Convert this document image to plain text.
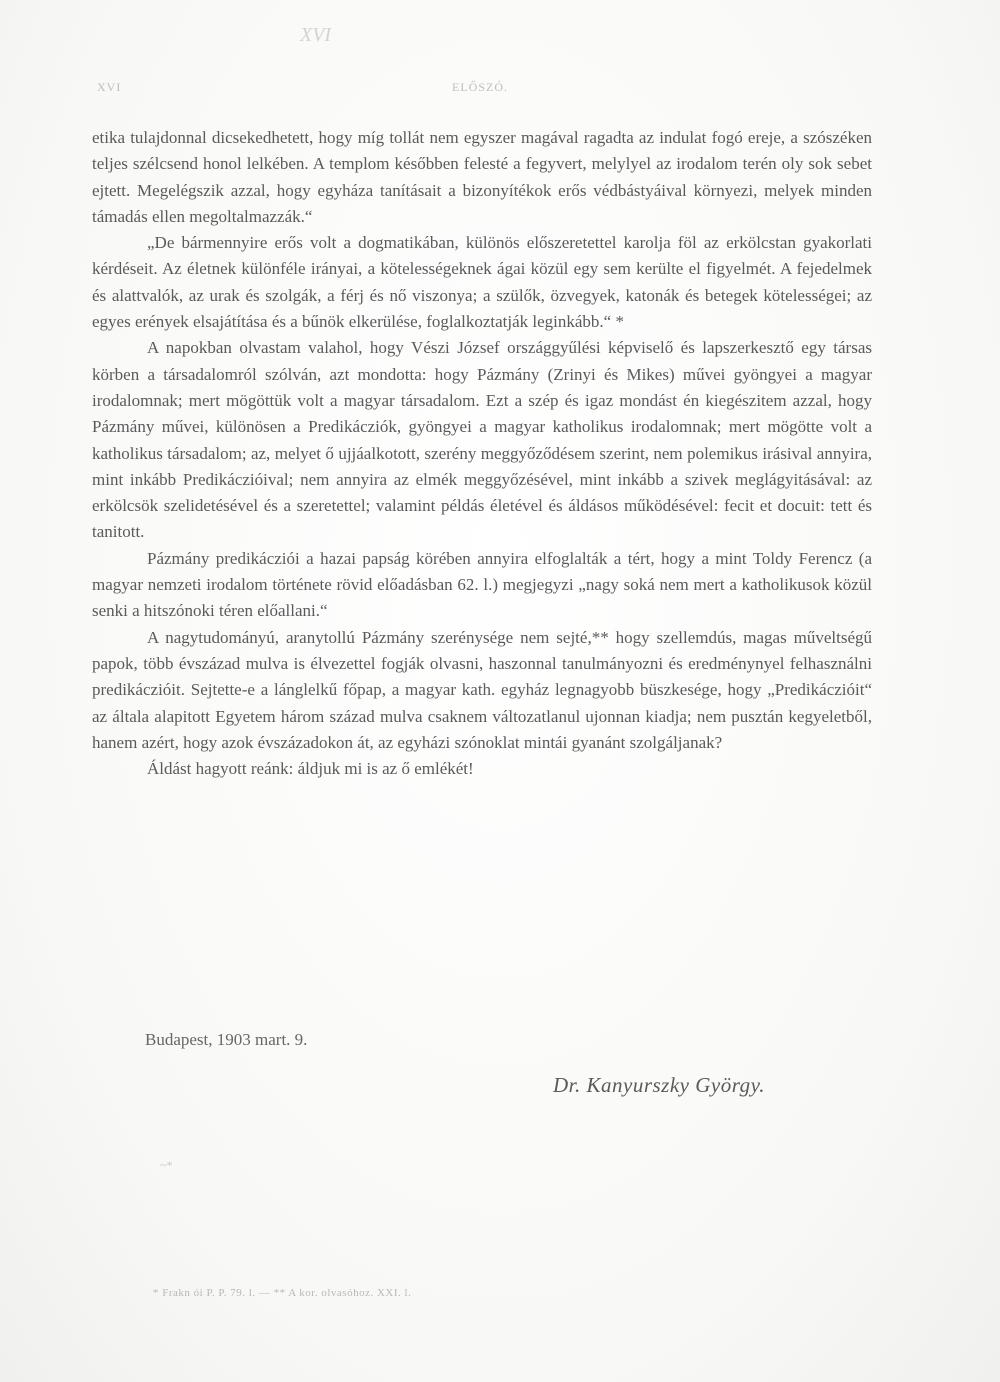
XVI
XVI	ELŐSZÓ.

etika tulajdonnal dicsekedhetett, hogy míg tollát nem egyszer magával ragadta az indulat fogó ereje, a szószéken teljes szélcsend honol lelkében. A templom későbben felesté a fegyvert, melylyel az irodalom terén oly sok sebet ejtett. Megelégszik azzal, hogy egyháza tanításait a bizonyítékok erős védbástyáival környezi, melyek minden támadás ellen megoltalmazzák.“

„De bármennyire erős volt a dogmatikában, különös előszeretettel karolja föl az erkölcstan gyakorlati kérdéseit. Az életnek különféle irányai, a kötelességeknek ágai közül egy sem kerülte el figyelmét. A fejedelmek és alattvalók, az urak és szolgák, a férj és nő viszonya; a szülők, özvegyek, katonák és betegek kötelességei; az egyes erények elsajátítása és a bűnök elkerülése, foglalkoztatják leginkább.“ *

A napokban olvastam valahol, hogy Vészi József országgyűlési képviselő és lapszerkesztő egy társas körben a társadalomról szólván, azt mondotta: hogy Pázmány (Zrinyi és Mikes) művei gyöngyei a magyar irodalomnak; mert mögöttük volt a magyar társadalom. Ezt a szép és igaz mondást én kiegészitem azzal, hogy Pázmány művei, különösen a Predikácziók, gyöngyei a magyar katholikus irodalomnak; mert mögötte volt a katholikus társadalom; az, melyet ő ujjáalkotott, szerény meggyőződésem szerint, nem polemikus irásival annyira, mint inkább Predikáczióival; nem annyira az elmék meggyőzésével, mint inkább a szivek meglágyitásával: az erkölcsök szelidetésével és a szeretettel; valamint példás életével és áldásos működésével: fecit et docuit: tett és tanitott.

Pázmány predikácziói a hazai papság körében annyira elfoglalták a tért, hogy a mint Toldy Ferencz (a magyar nemzeti irodalom története rövid előadásban 62. l.) megjegyzi „nagy soká nem mert a katholikusok közül senki a hitszónoki téren előallani.“

A nagytudományú, aranytollú Pázmány szerénysége nem sejté,** hogy szellemdús, magas műveltségű papok, több évszázad mulva is élvezettel fogják olvasni, haszonnal tanulmányozni és eredménynyel felhasználni predikáczióit. Sejtette-e a lánglelkű főpap, a magyar kath. egyház legnagyobb büszkesége, hogy „Predikáczióit“ az általa alapitott Egyetem három század mulva csaknem változatlanul ujonnan kiadja; nem pusztán kegyeletből, hanem azért, hogy azok évszázadokon át, az egyházi szónoklat mintái gyanánt szolgáljanak?

Áldást hagyott reánk: áldjuk mi is az ő emlékét!

Budapest, 1903 mart. 9.
Dr. Kanyurszky György.
~*
* Frakn ói P. P. 79. l. — ** A kor. olvasóhoz. XXI. l.
